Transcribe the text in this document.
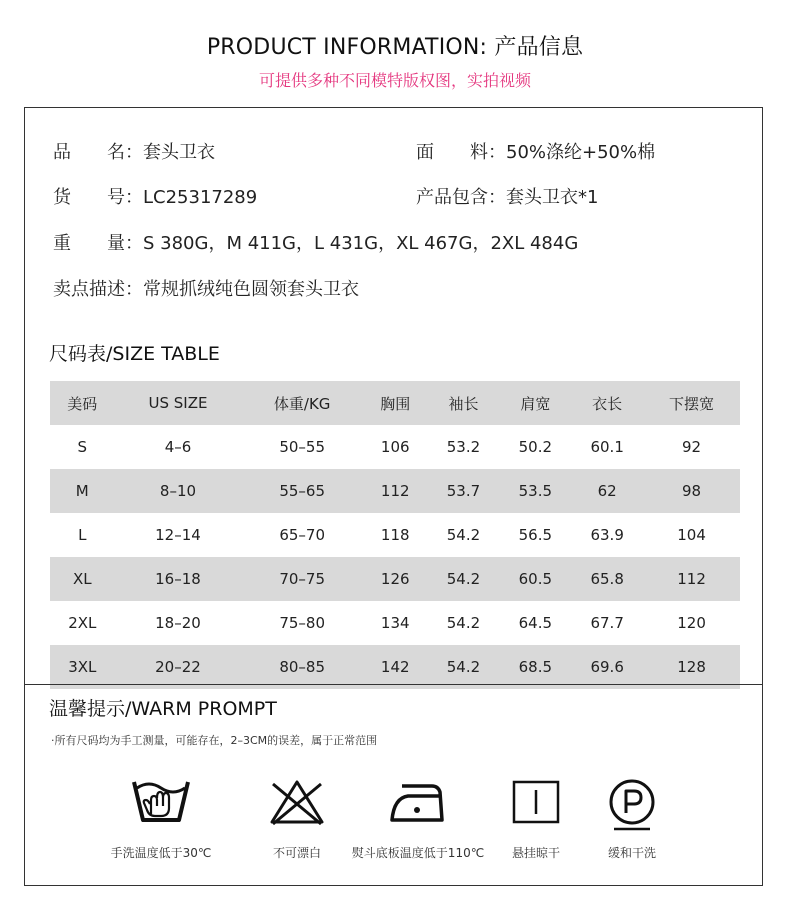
PRODUCT INFORMATION: 产品信息
可提供多种不同模特版权图，实拍视频
品　　名：套头卫衣	面　　料：50%涤纶+50%棉
货　　号：LC25317289	产品包含：套头卫衣*1
重　　量：S 380G，M 411G，L 431G，XL 467G，2XL 484G
卖点描述：常规抓绒纯色圆领套头卫衣
尺码表/SIZE TABLE
美码	US SIZE	体重/KG	胸围	袖长	肩宽	衣长	下摆宽
S	4–6	50–55	106	53.2	50.2	60.1	92
M	8–10	55–65	112	53.7	53.5	62	98
L	12–14	65–70	118	54.2	56.5	63.9	104
XL	16–18	70–75	126	54.2	60.5	65.8	112
2XL	18–20	75–80	134	54.2	64.5	67.7	120
3XL	20–22	80–85	142	54.2	68.5	69.6	128
温馨提示/WARM PROMPT
·所有尺码均为手工测量，可能存在，2–3CM的误差，属于正常范围
手洗温度低于30℃	不可漂白	熨斗底板温度低于110℃ 悬挂晾干	缓和干洗
